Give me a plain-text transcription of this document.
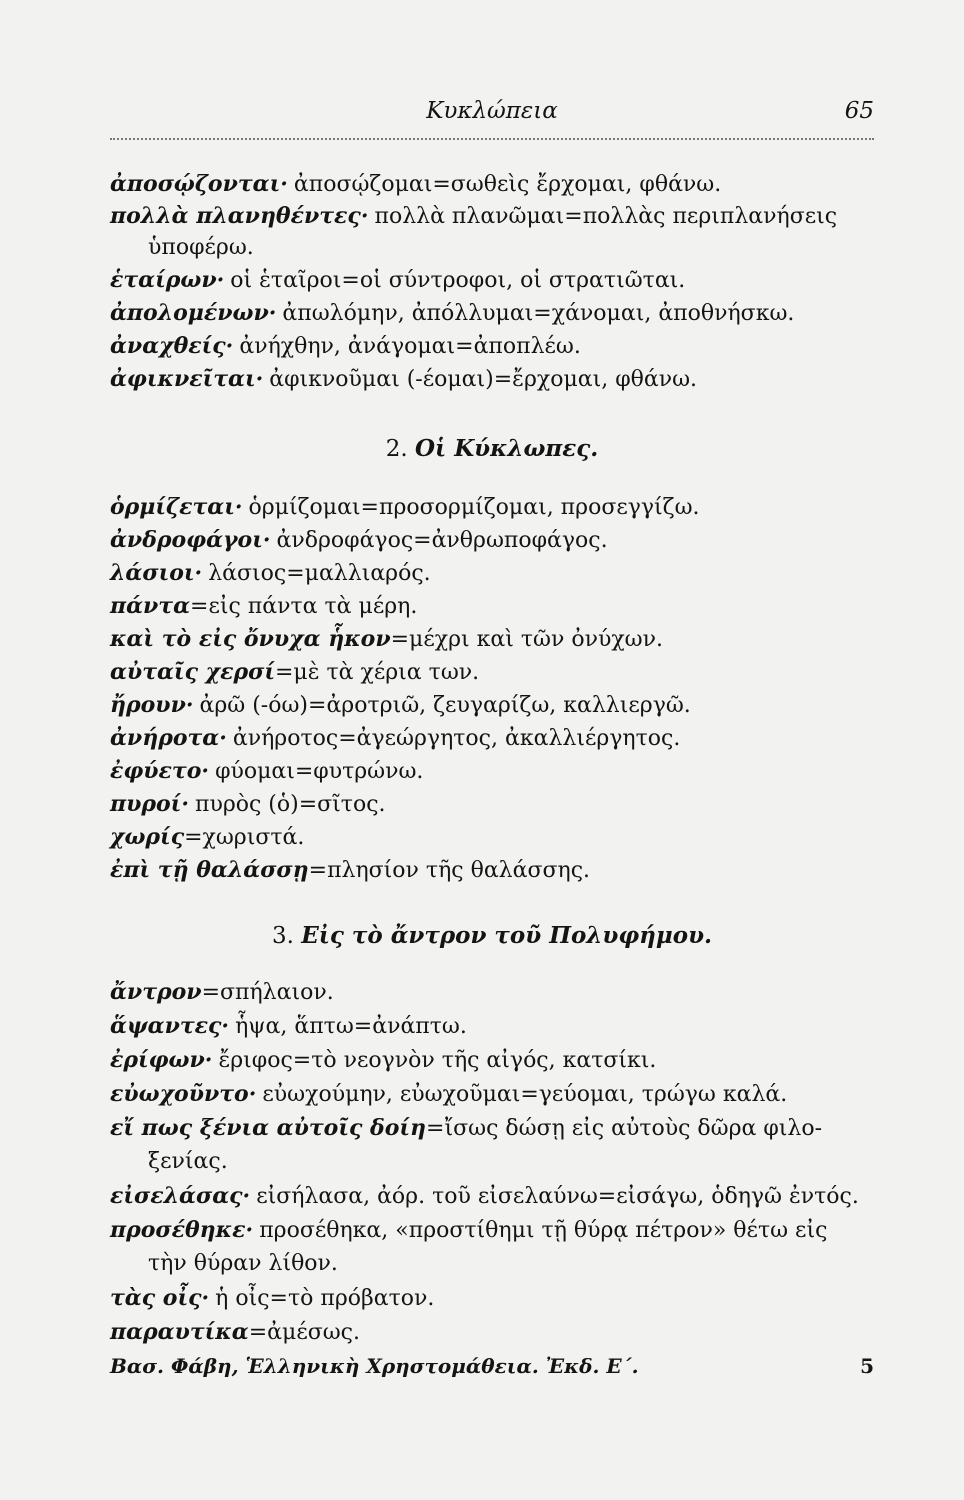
Κυκλώπεια	65
ἀποσῴζονται· ἀποσῴζομαι=σωθεὶς ἔρχομαι, φθάνω.
πολλὰ πλανηθέντες· πολλὰ πλανῶμαι=πολλὰς περιπλανήσεις
ὑποφέρω.
ἑταίρων· οἱ ἑταῖροι=οἱ σύντροφοι, οἱ στρατιῶται.
ἀπολομένων· ἀπωλόμην, ἀπόλλυμαι=χάνομαι, ἀποθνήσκω.
ἀναχθείς· ἀνήχθην, ἀνάγομαι=ἀποπλέω.
ἀφικνεῖται· ἀφικνοῦμαι (-έομαι)=ἔρχομαι, φθάνω.
2. Οἱ Κύκλωπες.
ὁρμίζεται· ὁρμίζομαι=προσορμίζομαι, προσεγγίζω.
ἀνδροφάγοι· ἀνδροφάγος=ἀνθρωποφάγος.
λάσιοι· λάσιος=μαλλιαρός.
πάντα=εἰς πάντα τὰ μέρη.
καὶ τὸ εἰς ὄνυχα ἧκον=μέχρι καὶ τῶν ὀνύχων.
αὐταῖς χερσί=μὲ τὰ χέρια των.
ἤρουν· ἀρῶ (-όω)=ἀροτριῶ, ζευγαρίζω, καλλιεργῶ.
ἀνήροτα· ἀνήροτος=ἀγεώργητος, ἀκαλλιέργητος.
ἐφύετο· φύομαι=φυτρώνω.
πυροί· πυρὸς (ὁ)=σῖτος.
χωρίς=χωριστά.
ἐπὶ τῇ θαλάσσῃ=πλησίον τῆς θαλάσσης.
3. Εἰς τὸ ἄντρον τοῦ Πολυφήμου.
ἄντρον=σπήλαιον.
ἅψαντες· ἧψα, ἅπτω=ἀνάπτω.
ἐρίφων· ἔριφος=τὸ νεογνὸν τῆς αἰγός, κατσίκι.
εὐωχοῦντο· εὐωχούμην, εὐωχοῦμαι=γεύομαι, τρώγω καλά.
εἴ πως ξένια αὐτοῖς δοίη=ἴσως δώσῃ εἰς αὐτοὺς δῶρα φιλο-
ξενίας.
εἰσελάσας· εἰσήλασα, ἀόρ. τοῦ εἰσελαύνω=εἰσάγω, ὁδηγῶ ἐντός.
προσέθηκε· προσέθηκα, «προστίθημι τῇ θύρᾳ πέτρον» θέτω εἰς
τὴν θύραν λίθον.
τὰς οἶς· ἡ οἶς=τὸ πρόβατον.
παραυτίκα=ἀμέσως.
Βασ. Φάβη, Ἑλληνικὴ Χρηστομάθεια. Ἐκδ. Ε΄.	5
